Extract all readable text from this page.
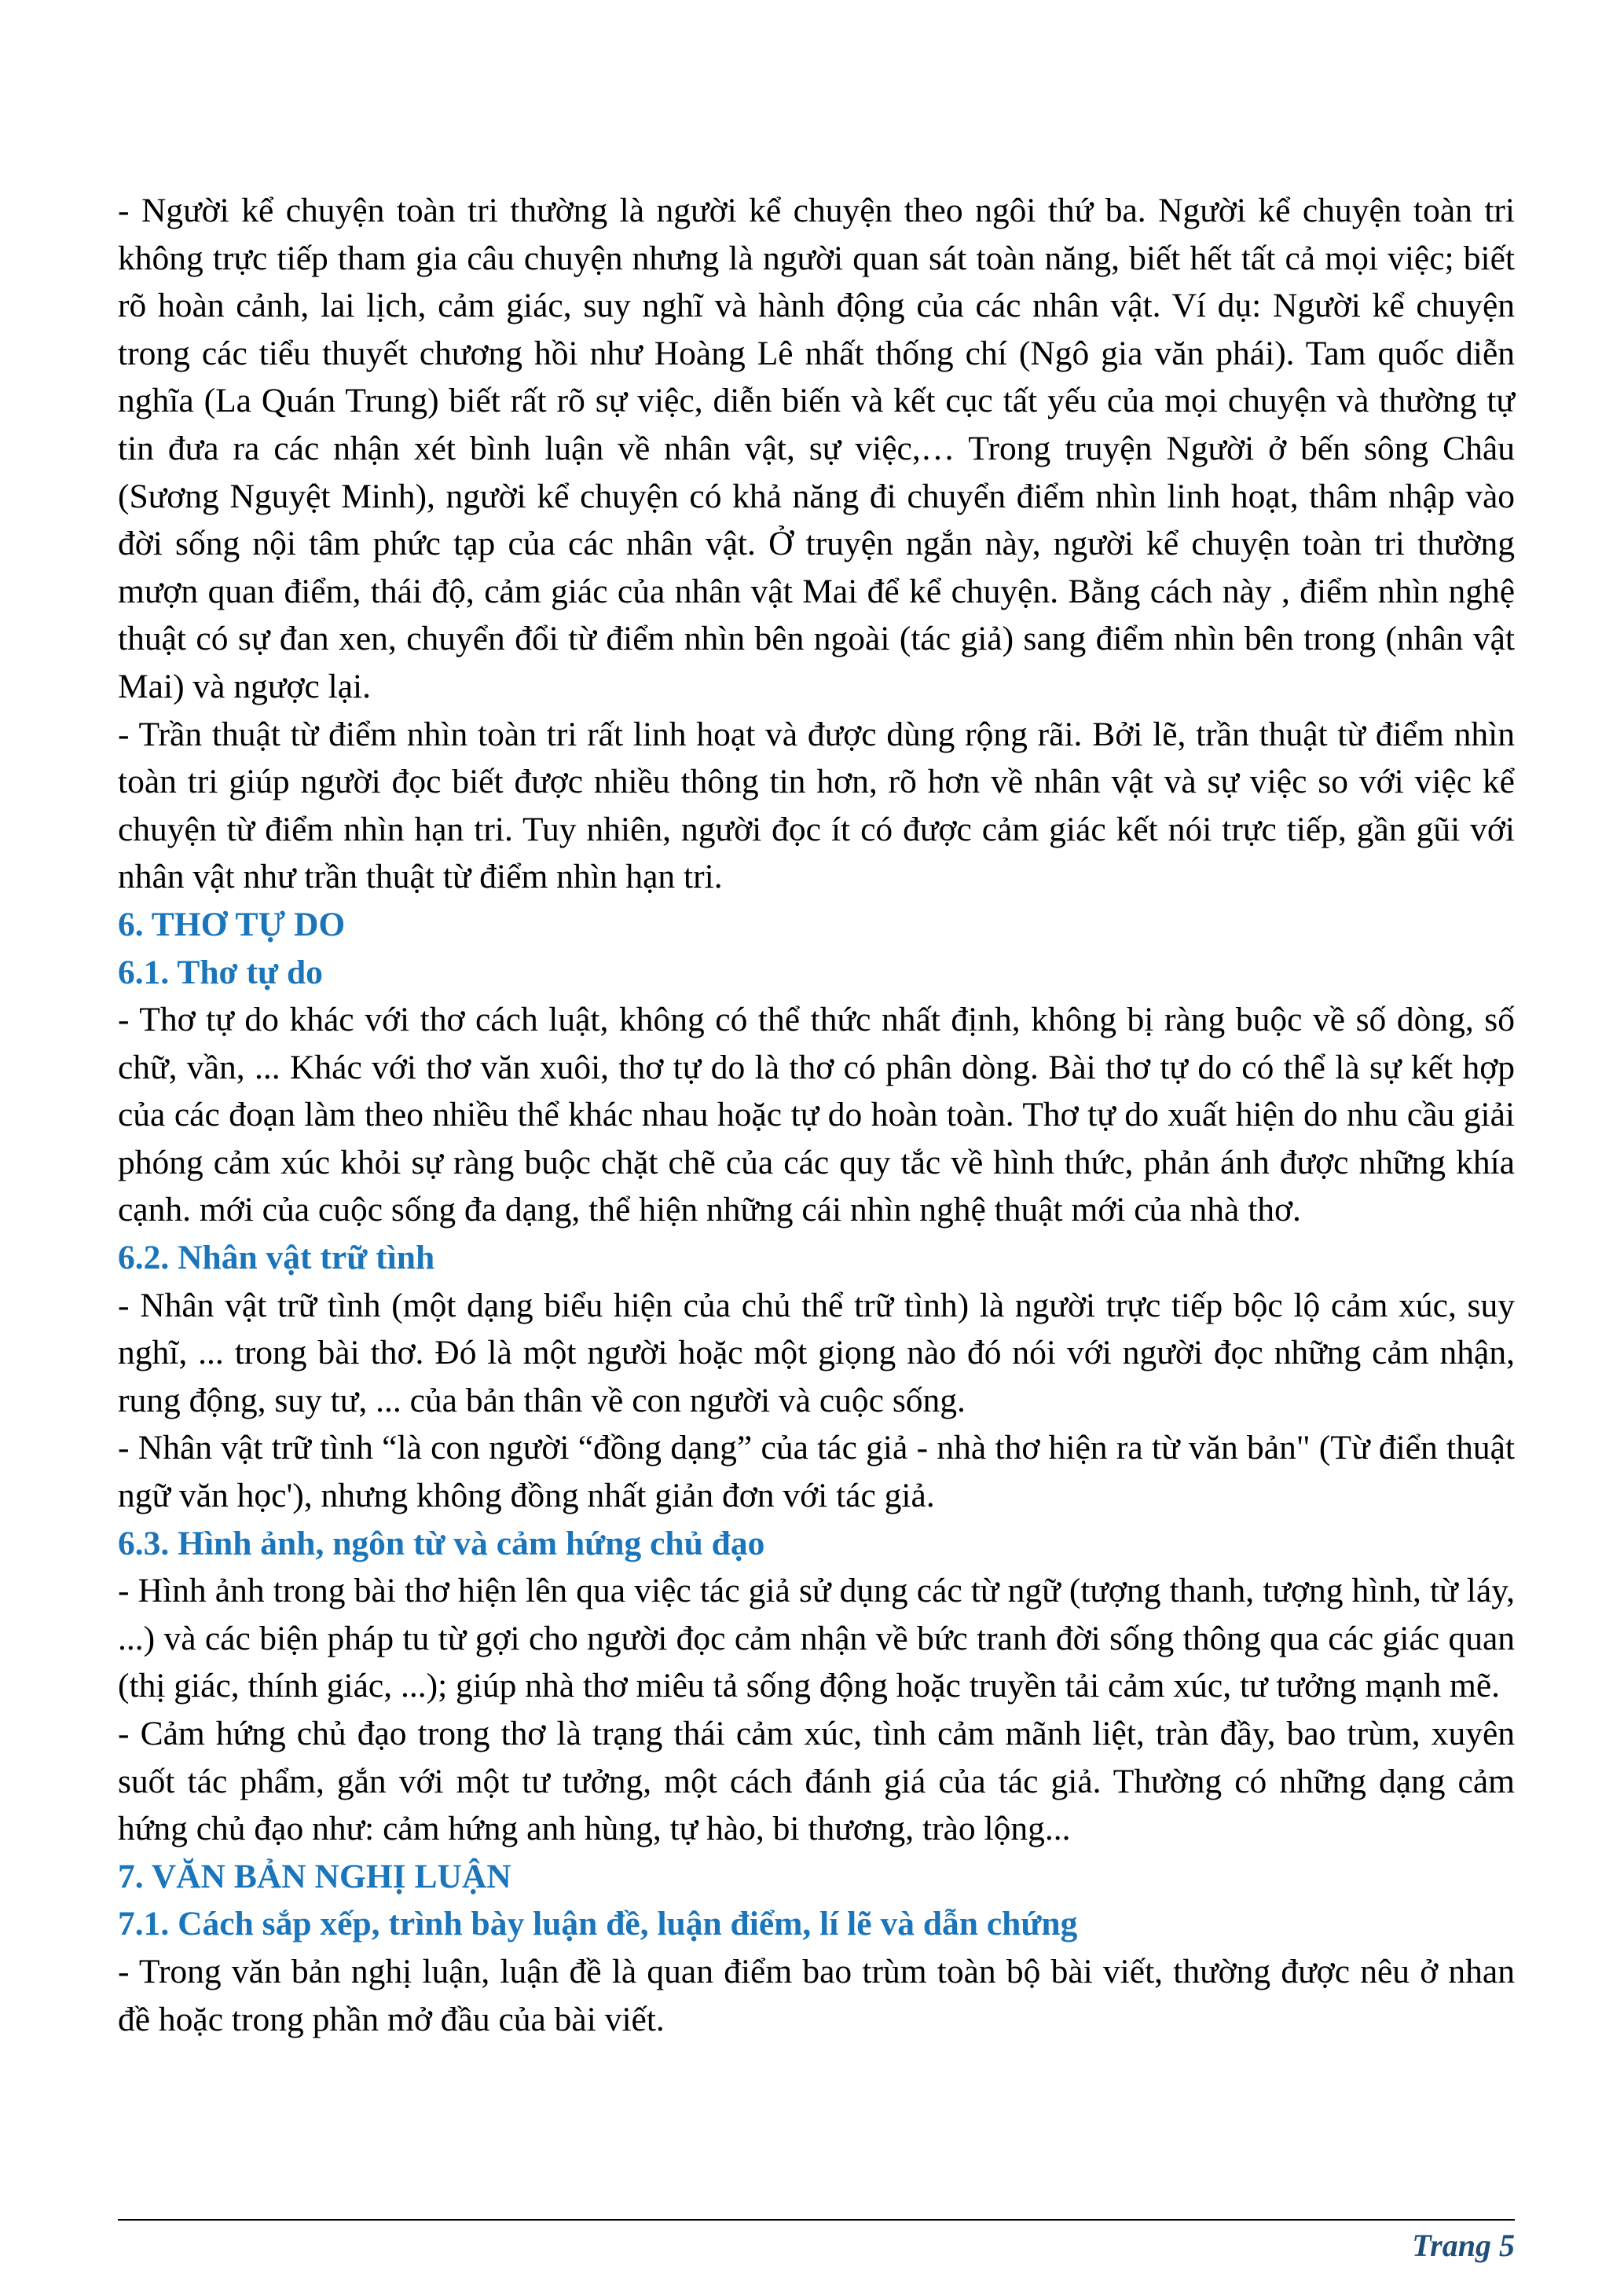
- Người kể chuyện toàn tri thường là người kể chuyện theo ngôi thứ ba. Người kể chuyện toàn tri không trực tiếp tham gia câu chuyện nhưng là người quan sát toàn năng, biết hết tất cả mọi việc; biết rõ hoàn cảnh, lai lịch, cảm giác, suy nghĩ và hành động của các nhân vật. Ví dụ: Người kể chuyện trong các tiểu thuyết chương hồi như Hoàng Lê nhất thống chí (Ngô gia văn phái). Tam quốc diễn nghĩa (La Quán Trung) biết rất rõ sự việc, diễn biến và kết cục tất yếu của mọi chuyện và thường tự tin đưa ra các nhận xét bình luận về nhân vật, sự việc,… Trong truyện Người ở bến sông Châu (Sương Nguyệt Minh), người kể chuyện có khả năng đi chuyển điểm nhìn linh hoạt, thâm nhập vào đời sống nội tâm phức tạp của các nhân vật. Ở truyện ngắn này, người kể chuyện toàn tri thường mượn quan điểm, thái độ, cảm giác của nhân vật Mai để kể chuyện. Bằng cách này , điểm nhìn nghệ thuật có sự đan xen, chuyển đổi từ điểm nhìn bên ngoài (tác giả) sang điểm nhìn bên trong (nhân vật Mai) và ngược lại.

- Trần thuật từ điểm nhìn toàn tri rất linh hoạt và được dùng rộng rãi. Bởi lẽ, trần thuật từ điểm nhìn toàn tri giúp người đọc biết được nhiều thông tin hơn, rõ hơn về nhân vật và sự việc so với việc kể chuyện từ điểm nhìn hạn tri. Tuy nhiên, người đọc ít có được cảm giác kết nói trực tiếp, gần gũi với nhân vật như trần thuật từ điểm nhìn hạn tri.

6. THƠ TỰ DO

6.1. Thơ tự do

- Thơ tự do khác với thơ cách luật, không có thể thức nhất định, không bị ràng buộc về số dòng, số chữ, vần, ... Khác với thơ văn xuôi, thơ tự do là thơ có phân dòng. Bài thơ tự do có thể là sự kết hợp của các đoạn làm theo nhiều thể khác nhau hoặc tự do hoàn toàn. Thơ tự do xuất hiện do nhu cầu giải phóng cảm xúc khỏi sự ràng buộc chặt chẽ của các quy tắc về hình thức, phản ánh được những khía cạnh. mới của cuộc sống đa dạng, thể hiện những cái nhìn nghệ thuật mới của nhà thơ.

6.2. Nhân vật trữ tình

- Nhân vật trữ tình (một dạng biểu hiện của chủ thể trữ tình) là người trực tiếp bộc lộ cảm xúc, suy nghĩ, ... trong bài thơ. Đó là một người hoặc một giọng nào đó nói với người đọc những cảm nhận, rung động, suy tư, ... của bản thân về con người và cuộc sống.

- Nhân vật trữ tình “là con người “đồng dạng” của tác giả - nhà thơ hiện ra từ văn bản" (Từ điển thuật ngữ văn học'), nhưng không đồng nhất giản đơn với tác giả.

6.3. Hình ảnh, ngôn từ và cảm hứng chủ đạo

- Hình ảnh trong bài thơ hiện lên qua việc tác giả sử dụng các từ ngữ (tượng thanh, tượng hình, từ láy, ...) và các biện pháp tu từ gợi cho người đọc cảm nhận về bức tranh đời sống thông qua các giác quan (thị giác, thính giác, ...); giúp nhà thơ miêu tả sống động hoặc truyền tải cảm xúc, tư tưởng mạnh mẽ.

- Cảm hứng chủ đạo trong thơ là trạng thái cảm xúc, tình cảm mãnh liệt, tràn đầy, bao trùm, xuyên suốt tác phẩm, gắn với một tư tưởng, một cách đánh giá của tác giả. Thường có những dạng cảm hứng chủ đạo như: cảm hứng anh hùng, tự hào, bi thương, trào lộng...

7. VĂN BẢN NGHỊ LUẬN

7.1. Cách sắp xếp, trình bày luận đề, luận điểm, lí lẽ và dẫn chứng

- Trong văn bản nghị luận, luận đề là quan điểm bao trùm toàn bộ bài viết, thường được nêu ở nhan đề hoặc trong phần mở đầu của bài viết.

Trang 5
